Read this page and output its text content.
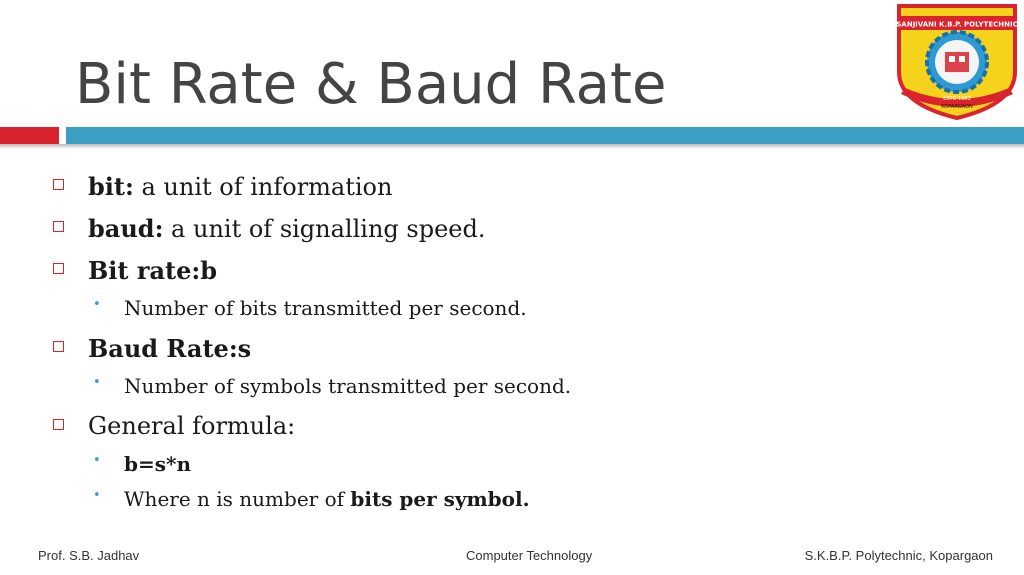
Bit Rate & Baud Rate
SANJIVANI K.B.P. POLYTECHNIC
ESTD 1983
KOPARGAON
bit: a unit of information
baud: a unit of signalling speed.
Bit rate:b
• Number of bits transmitted per second.
Baud Rate:s
• Number of symbols transmitted per second.
General formula:
• b=s*n
• Where n is number of bits per symbol.
Prof. S.B. Jadhav	Computer Technology	S.K.B.P. Polytechnic, Kopargaon
